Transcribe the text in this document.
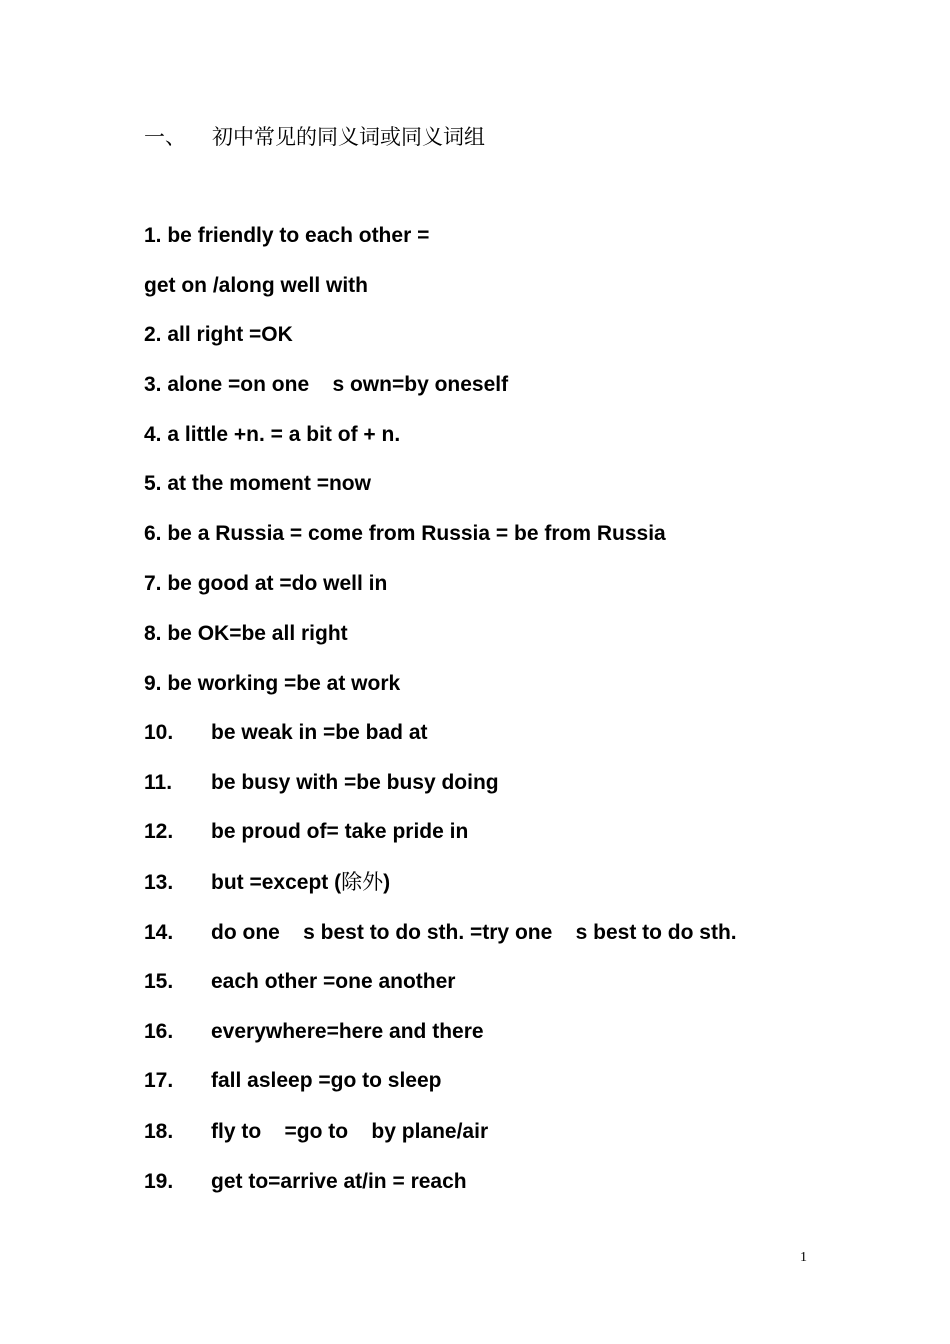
一、 初中常见的同义词或同义词组
1. be friendly to each other =
get on /along well with
2. all right =OK
3. alone =on one    s own=by oneself
4. a little +n. = a bit of + n.
5. at the moment =now
6. be a Russia = come from Russia = be from Russia
7. be good at =do well in
8. be OK=be all right
9. be working =be at work
10. be weak in =be bad at
11. be busy with =be busy doing
12. be proud of= take pride in
13. but =except (除外)
14. do one    s best to do sth. =try one    s best to do sth.
15. each other =one another
16. everywhere=here and there
17. fall asleep =go to sleep
18. fly to    =go to    by plane/air
19. get to=arrive at/in = reach
1
